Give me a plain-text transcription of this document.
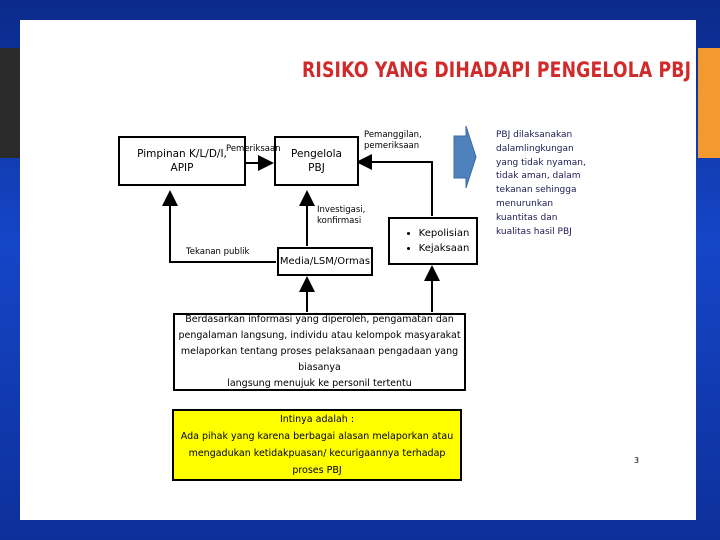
RISIKO YANG DIHADAPI PENGELOLA PBJ
Pimpinan K/L/D/I,
APIP
Pengelola
PBJ
Media/LSM/Ormas
• Kepolisian
• Kejaksaan
Berdasarkan informasi yang diperoleh, pengamatan dan
pengalaman langsung, individu atau kelompok masyarakat
melaporkan tentang proses pelaksanaan pengadaan yang biasanya
langsung menujuk ke personil tertentu
Intinya adalah :
Ada pihak yang karena berbagai alasan melaporkan atau
mengadukan ketidakpuasan/ kecurigaannya terhadap proses PBJ
Pemeriksaan
Pemanggilan,
pemeriksaan
Investigasi,
konfirmasi
Tekanan publik
PBJ dilaksanakan
dalamlingkungan
yang tidak nyaman,
tidak aman, dalam
tekanan sehingga
menurunkan
kuantitas dan
kualitas hasil PBJ
3
